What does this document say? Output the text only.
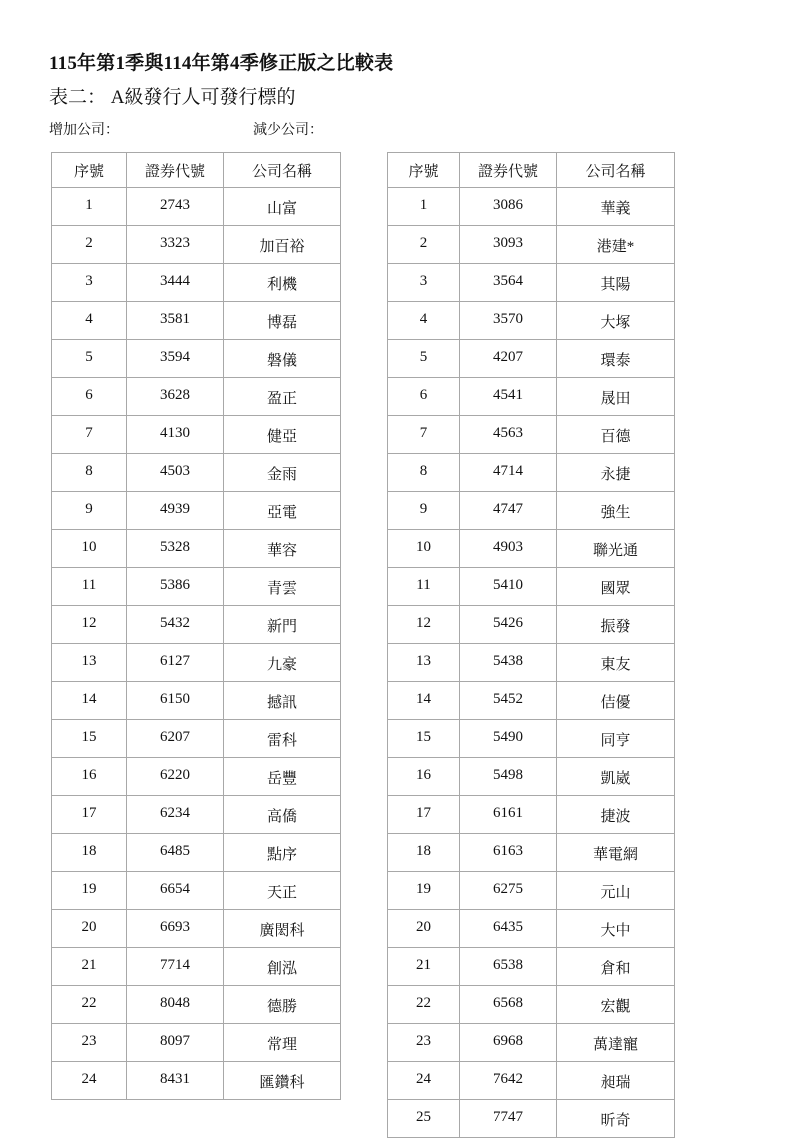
115年第1季與114年第4季修正版之比較表
表二： A級發行人可發行標的
增加公司：	減少公司：
序號	證券代號	公司名稱
1	2743	山富
2	3323	加百裕
3	3444	利機
4	3581	博磊
5	3594	磐儀
6	3628	盈正
7	4130	健亞
8	4503	金雨
9	4939	亞電
10	5328	華容
11	5386	青雲
12	5432	新門
13	6127	九豪
14	6150	撼訊
15	6207	雷科
16	6220	岳豐
17	6234	高僑
18	6485	點序
19	6654	天正
20	6693	廣閎科
21	7714	創泓
22	8048	德勝
23	8097	常理
24	8431	匯鑽科
序號	證券代號	公司名稱
1	3086	華義
2	3093	港建*
3	3564	其陽
4	3570	大塚
5	4207	環泰
6	4541	晟田
7	4563	百德
8	4714	永捷
9	4747	強生
10	4903	聯光通
11	5410	國眾
12	5426	振發
13	5438	東友
14	5452	佶優
15	5490	同亨
16	5498	凱崴
17	6161	捷波
18	6163	華電網
19	6275	元山
20	6435	大中
21	6538	倉和
22	6568	宏觀
23	6968	萬達寵
24	7642	昶瑞
25	7747	昕奇
